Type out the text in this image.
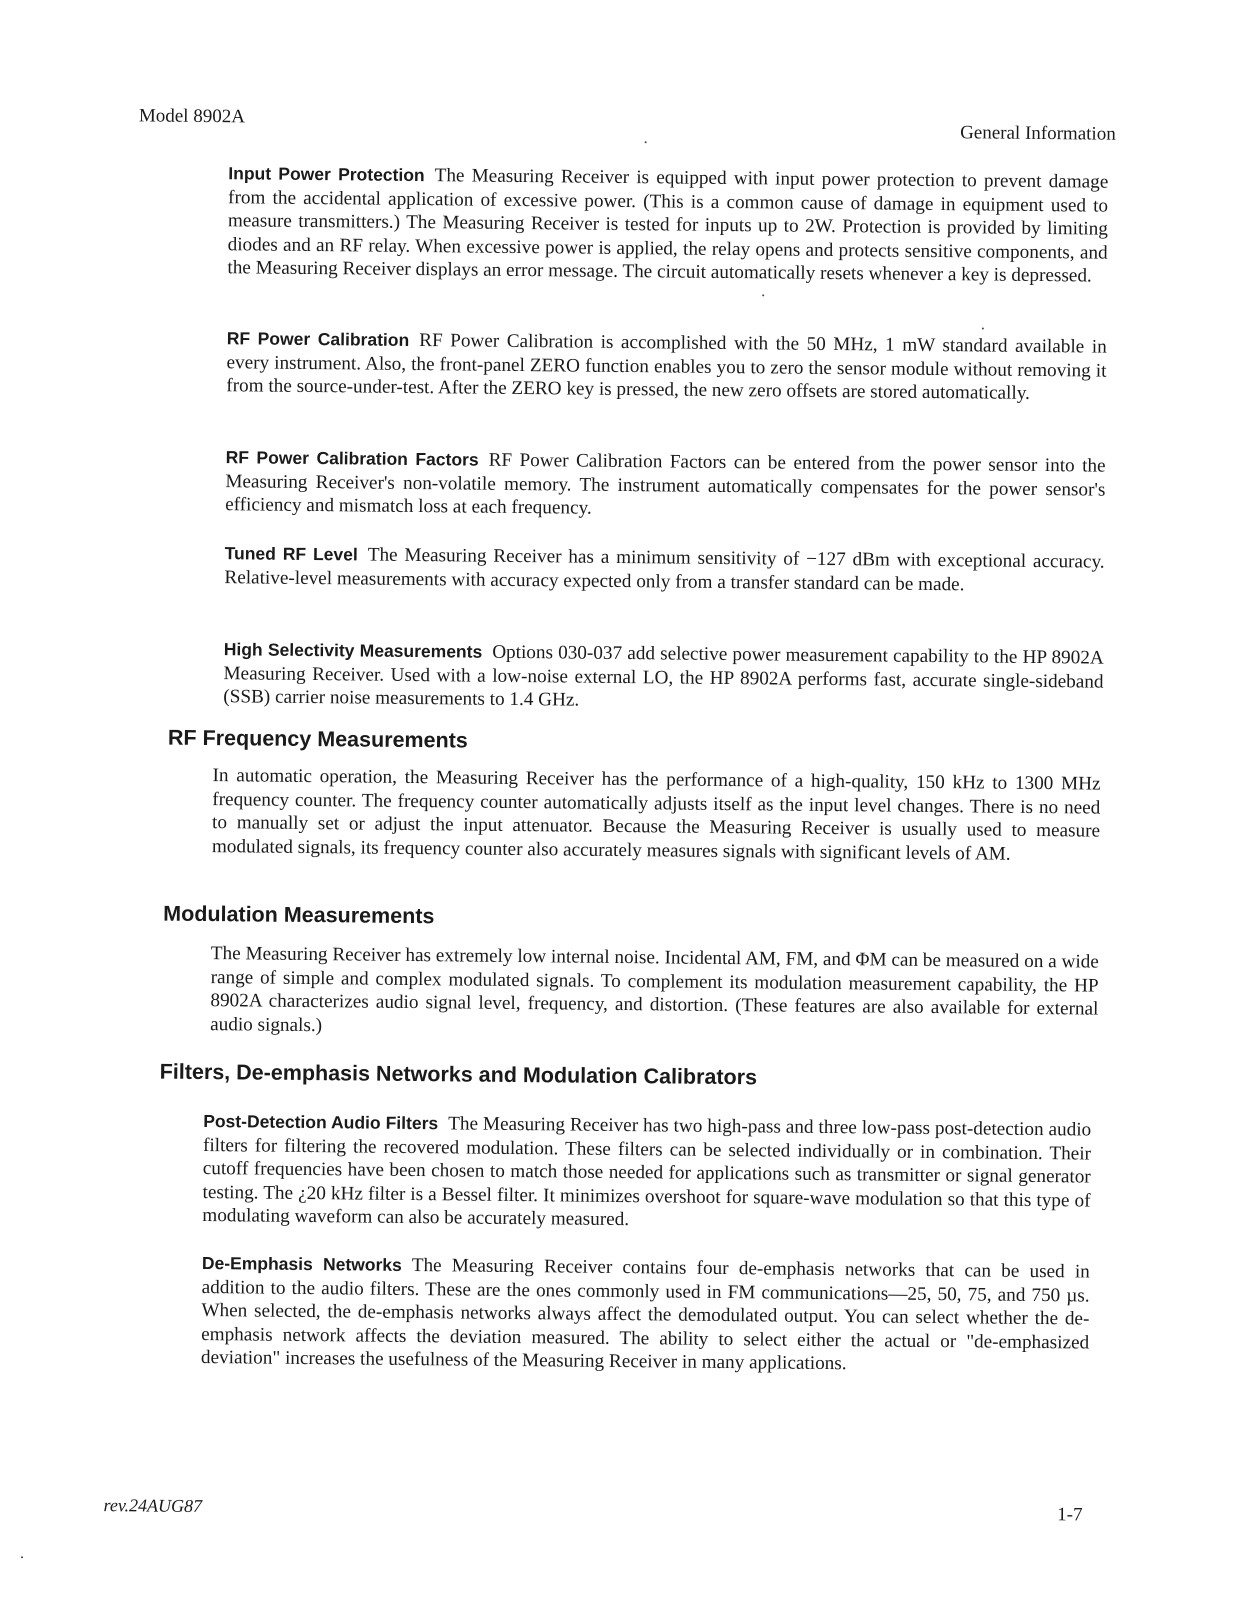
Model 8902A
General Information

Input Power Protection The Measuring Receiver is equipped with input power protection to prevent damage from the accidental application of excessive power. (This is a common cause of damage in equipment used to measure transmitters.) The Measuring Receiver is tested for inputs up to 2W. Protection is provided by limiting diodes and an RF relay. When excessive power is applied, the relay opens and protects sensitive components, and the Measuring Receiver displays an error message. The circuit automatically resets whenever a key is depressed.

RF Power Calibration RF Power Calibration is accomplished with the 50 MHz, 1 mW standard available in every instrument. Also, the front-panel ZERO function enables you to zero the sensor module without removing it from the source-under-test. After the ZERO key is pressed, the new zero offsets are stored automatically.

RF Power Calibration Factors RF Power Calibration Factors can be entered from the power sensor into the Measuring Receiver's non-volatile memory. The instrument automatically compensates for the power sensor's efficiency and mismatch loss at each frequency.

Tuned RF Level The Measuring Receiver has a minimum sensitivity of −127 dBm with exceptional accuracy. Relative-level measurements with accuracy expected only from a transfer standard can be made.

High Selectivity Measurements Options 030-037 add selective power measurement capability to the HP 8902A Measuring Receiver. Used with a low-noise external LO, the HP 8902A performs fast, accurate single-sideband (SSB) carrier noise measurements to 1.4 GHz.

RF Frequency Measurements

In automatic operation, the Measuring Receiver has the performance of a high-quality, 150 kHz to 1300 MHz frequency counter. The frequency counter automatically adjusts itself as the input level changes. There is no need to manually set or adjust the input attenuator. Because the Measuring Receiver is usually used to measure modulated signals, its frequency counter also accurately measures signals with significant levels of AM.

Modulation Measurements

The Measuring Receiver has extremely low internal noise. Incidental AM, FM, and ΦM can be measured on a wide range of simple and complex modulated signals. To complement its modulation measurement capability, the HP 8902A characterizes audio signal level, frequency, and distortion. (These features are also available for external audio signals.)

Filters, De-emphasis Networks and Modulation Calibrators

Post-Detection Audio Filters The Measuring Receiver has two high-pass and three low-pass post-detection audio filters for filtering the recovered modulation. These filters can be selected individually or in combination. Their cutoff frequencies have been chosen to match those needed for applications such as transmitter or signal generator testing. The ¿20 kHz filter is a Bessel filter. It minimizes overshoot for square-wave modulation so that this type of modulating waveform can also be accurately measured.

De-Emphasis Networks The Measuring Receiver contains four de-emphasis networks that can be used in addition to the audio filters. These are the ones commonly used in FM communications—25, 50, 75, and 750 µs. When selected, the de-emphasis networks always affect the demodulated output. You can select whether the de-emphasis network affects the deviation measured. The ability to select either the actual or "de-emphasized deviation" increases the usefulness of the Measuring Receiver in many applications.

rev.24AUG87	1-7
